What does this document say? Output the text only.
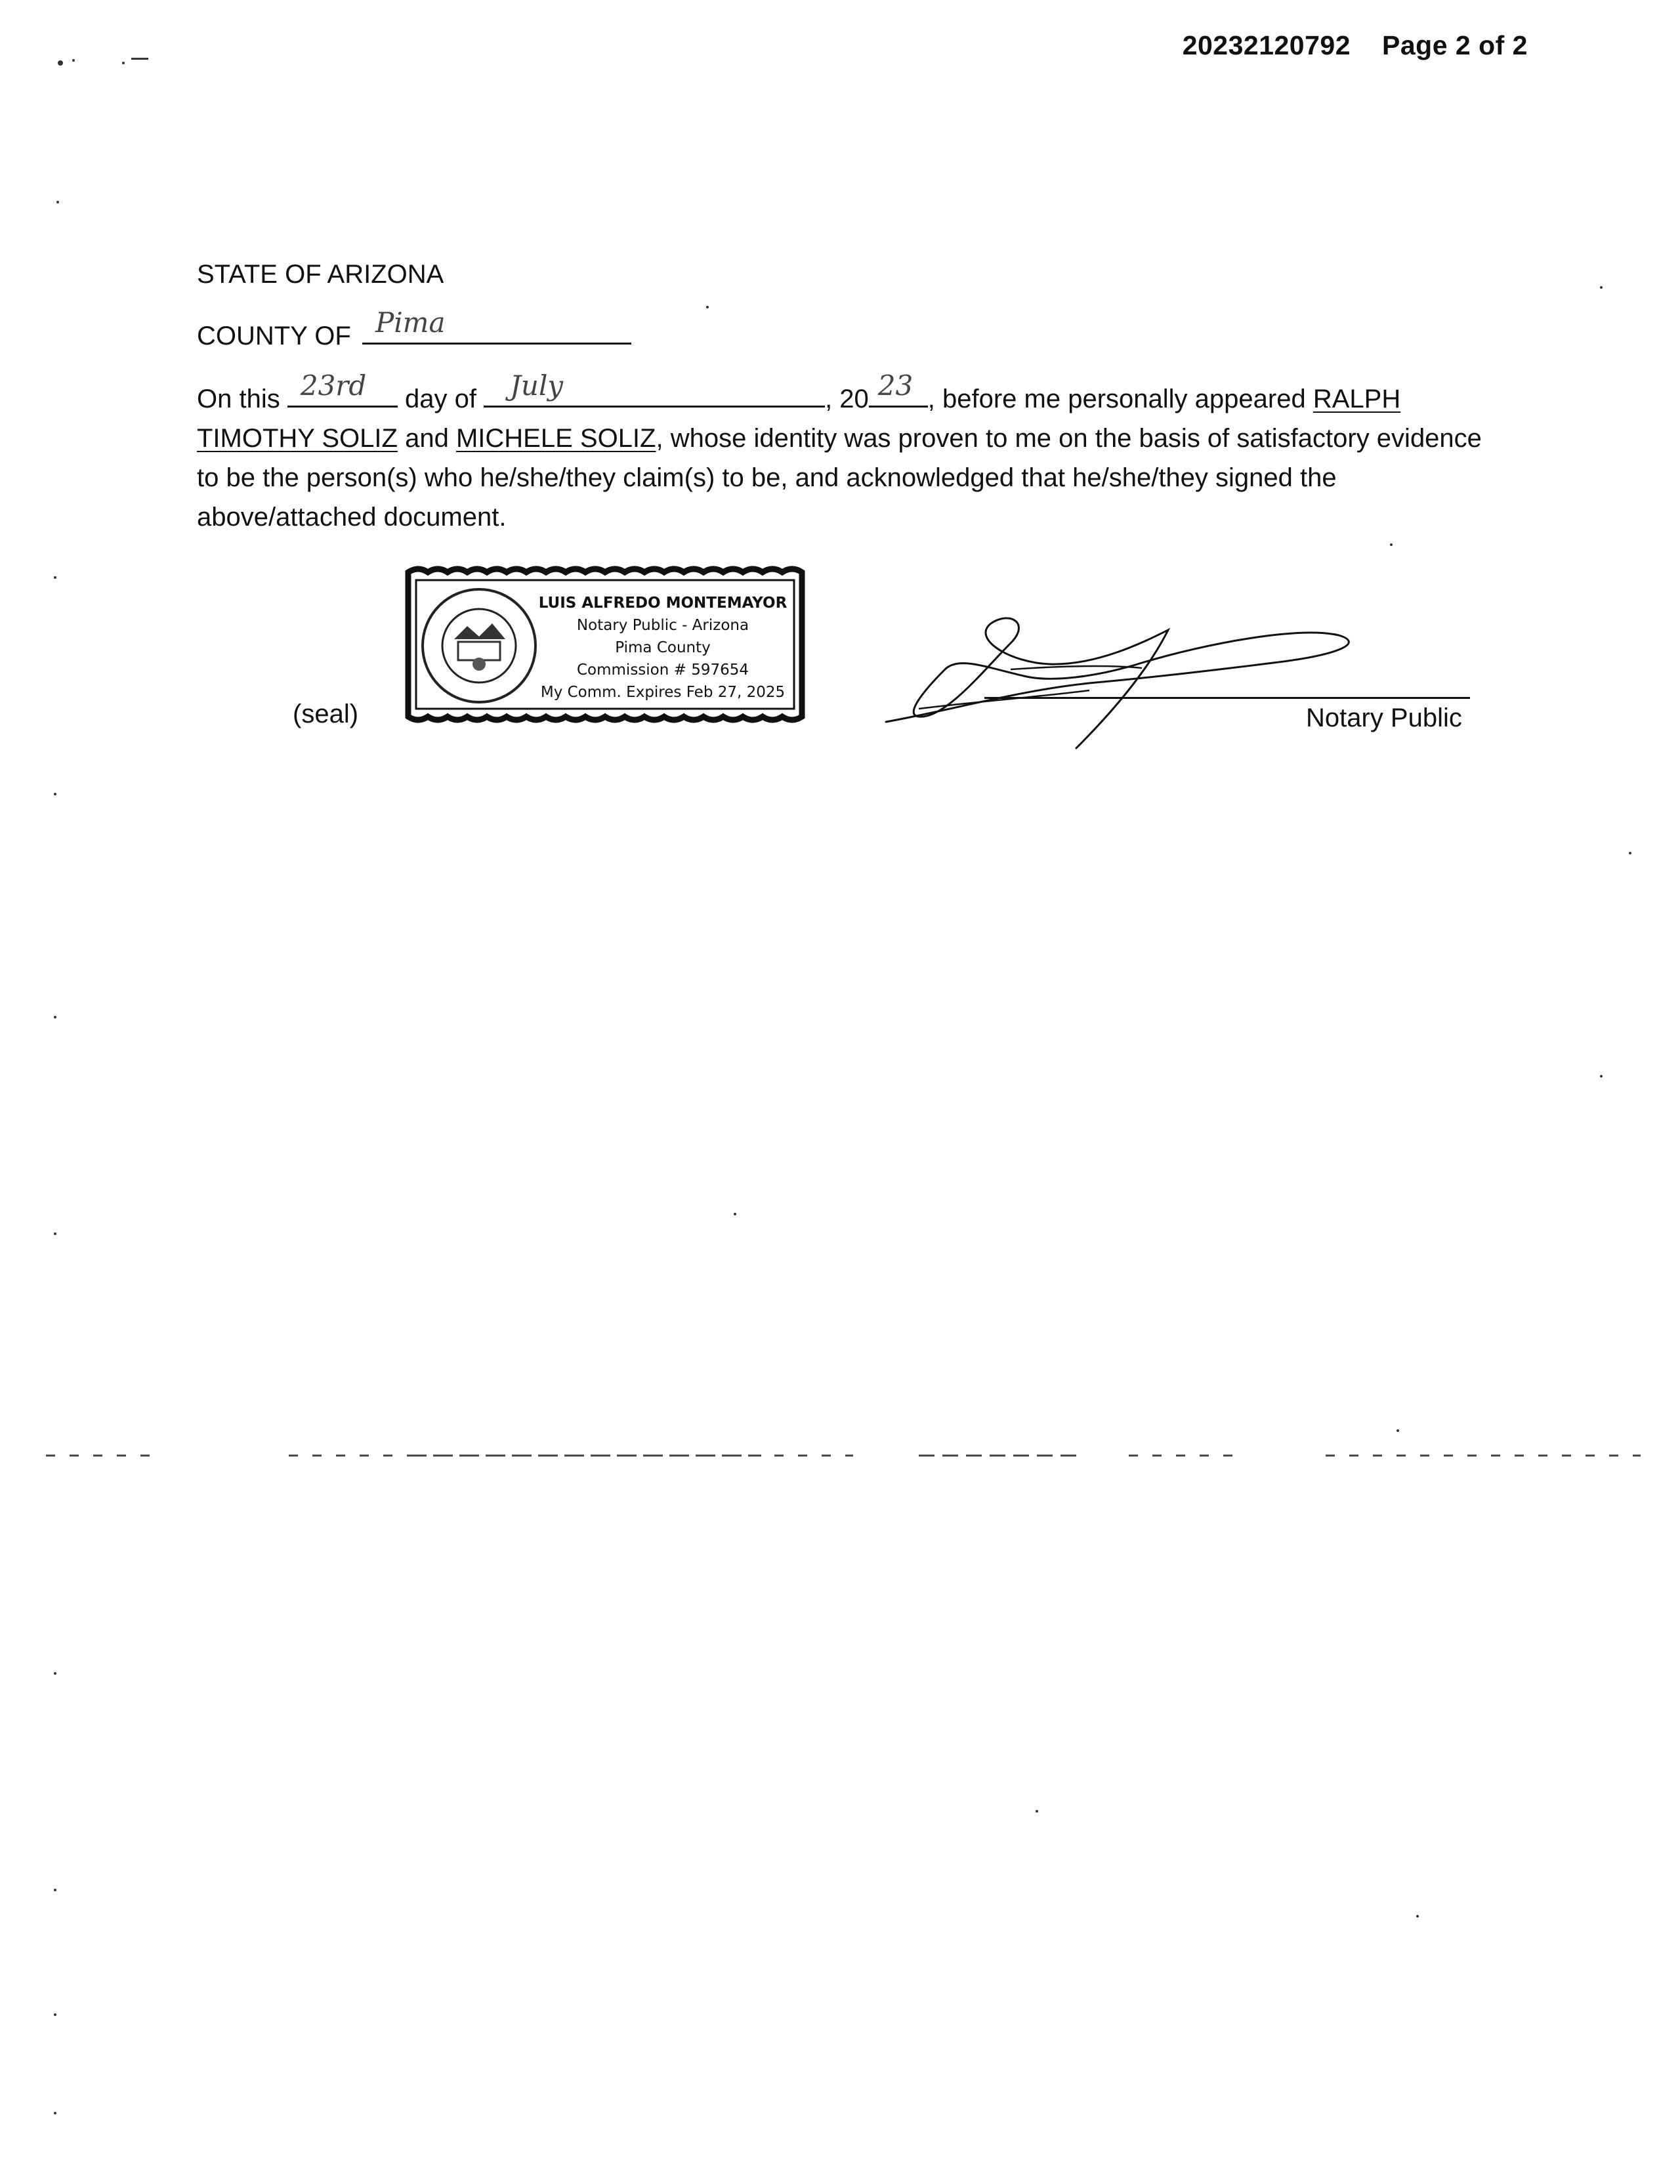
20232120792 Page 2 of 2
STATE OF ARIZONA
COUNTY OF Pima
On this 23rd day of July	, 20 23 , before me personally appeared RALPH TIMOTHY SOLIZ and MICHELE SOLIZ, whose identity was proven to me on the basis of satisfactory evidence to be the person(s) who he/she/they claim(s) to be, and acknowledged that he/she/they signed the above/attached document.
(seal)
LUIS ALFREDO MONTEMAYOR
Notary Public - Arizona
Pima County
Commission # 597654
My Comm. Expires Feb 27, 2025
Notary Public
